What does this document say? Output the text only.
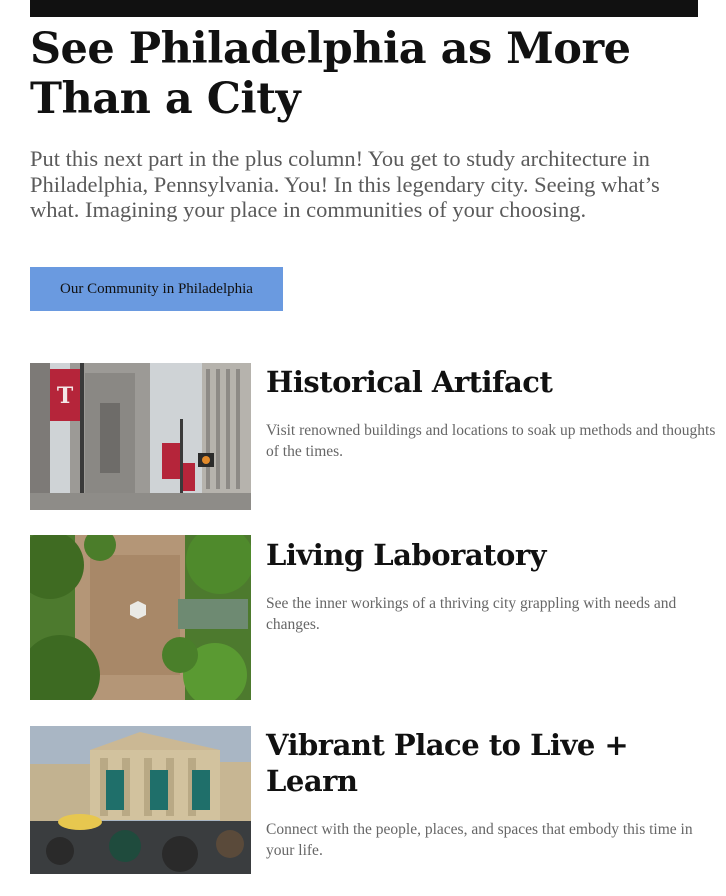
See Philadelphia as More Than a City

Put this next part in the plus column! You get to study architecture in Philadelphia, Pennsylvania. You! In this legendary city. Seeing what’s what. Imagining your place in communities of your choosing.

Our Community in Philadelphia
T	Historical Artifact

Visit renowned buildings and locations to soak up methods and thoughts of the times.

Living Laboratory

See the inner workings of a thriving city grappling with needs and changes.

Vibrant Place to Live + Learn

Connect with the people, places, and spaces that embody this time in your life.
